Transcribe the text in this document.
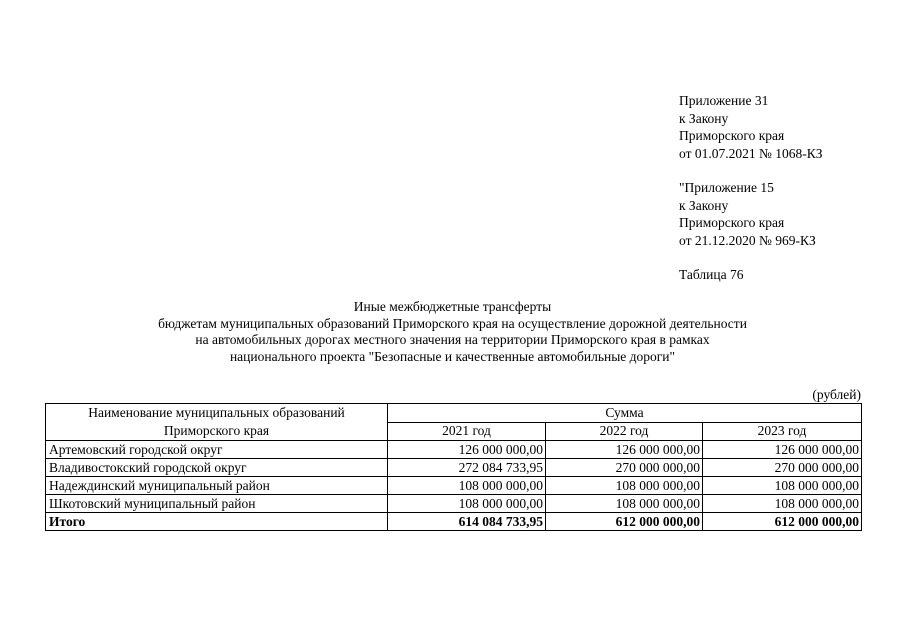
Приложение 31
к Закону
Приморского края
от 01.07.2021 № 1068-КЗ
"Приложение 15
к Закону
Приморского края
от 21.12.2020 № 969-КЗ
Таблица 76
Иные межбюджетные трансферты
бюджетам муниципальных образований Приморского края на осуществление дорожной деятельности
на автомобильных дорогах местного значения на территории Приморского края в рамках
национального проекта "Безопасные и качественные автомобильные дороги"
(рублей)
Наименование муниципальных образований Приморского края	Сумма		
	2021 год	2022 год	2023 год
Артемовский городской округ	126 000 000,00	126 000 000,00	126 000 000,00
Владивостокский городской округ	272 084 733,95	270 000 000,00	270 000 000,00
Надеждинский муниципальный район	108 000 000,00	108 000 000,00	108 000 000,00
Шкотовский муниципальный район	108 000 000,00	108 000 000,00	108 000 000,00
Итого	614 084 733,95	612 000 000,00	612 000 000,00
